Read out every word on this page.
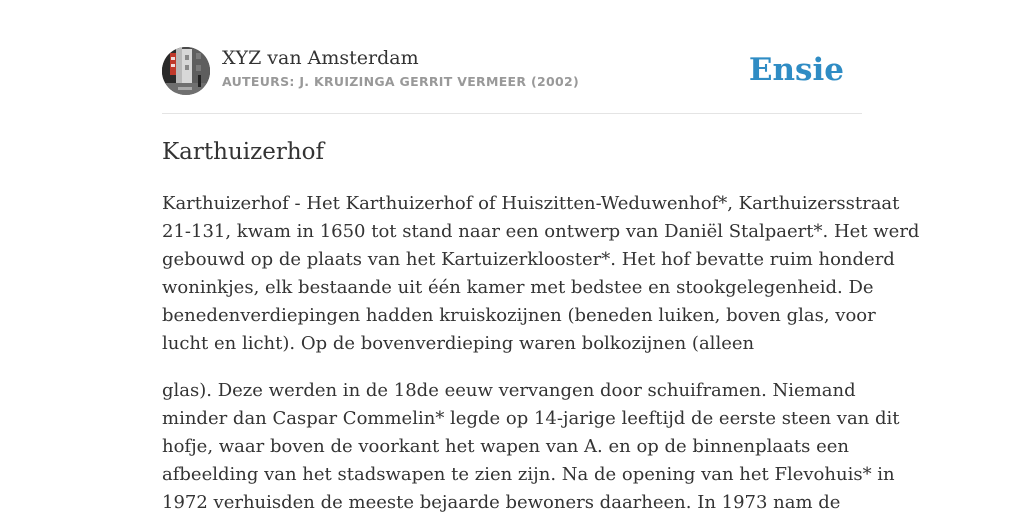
XYZ van Amsterdam
AUTEURS: J. KRUIZINGA GERRIT VERMEER (2002)	Ensie
Karthuizerhof

Karthuizerhof - Het Karthuizerhof of Huiszitten-Weduwenhof*, Karthuizersstraat
21-131, kwam in 1650 tot stand naar een ontwerp van Daniël Stalpaert*. Het werd
gebouwd op de plaats van het Kartuizerklooster*. Het hof bevatte ruim honderd
woninkjes, elk bestaande uit één kamer met bedstee en stookgelegenheid. De
benedenverdiepingen hadden kruiskozijnen (beneden luiken, boven glas, voor
lucht en licht). Op de bovenverdieping waren bolkozijnen (alleen

glas). Deze werden in de 18de eeuw vervangen door schuiframen. Niemand
minder dan Caspar Commelin* legde op 14-jarige leeftijd de eerste steen van dit
hofje, waar boven de voorkant het wapen van A. en op de binnenplaats een
afbeelding van het stadswapen te zien zijn. Na de opening van het Flevohuis* in
1972 verhuisden de meeste bejaarde bewoners daarheen. In 1973 nam de
